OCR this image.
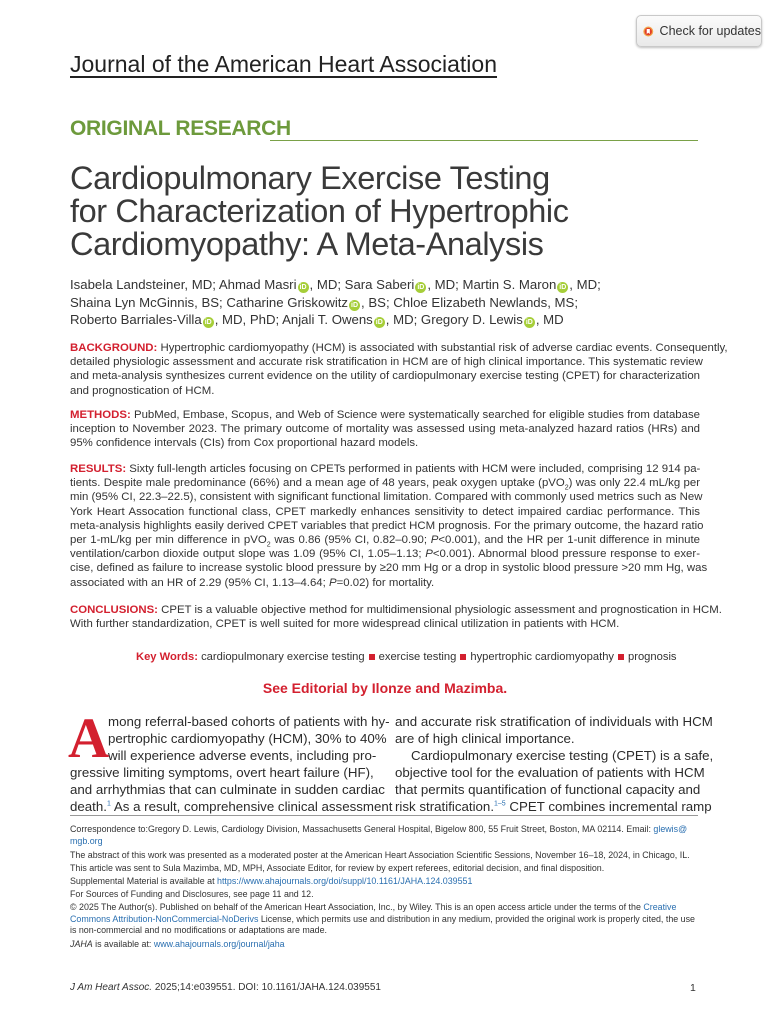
Check for updates
Journal of the American Heart Association
ORIGINAL RESEARCH
Cardiopulmonary Exercise Testing
for Characterization of Hypertrophic
Cardiomyopathy: A Meta-Analysis
Isabela Landsteiner, MD; Ahmad Masri iD , MD; Sara Saberi iD , MD; Martin S. Maron iD , MD;
Shaina Lyn McGinnis, BS; Catharine Griskowitz iD , BS; Chloe Elizabeth Newlands, MS;
Roberto Barriales-Villa iD , MD, PhD; Anjali T. Owens iD , MD; Gregory D. Lewis iD , MD
BACKGROUND: Hypertrophic cardiomyopathy (HCM) is associated with substantial risk of adverse cardiac events. Consequently,
detailed physiologic assessment and accurate risk stratification in HCM are of high clinical importance. This systematic review
and meta-analysis synthesizes current evidence on the utility of cardiopulmonary exercise testing (CPET) for characterization
and prognostication of HCM.
METHODS: PubMed, Embase, Scopus, and Web of Science were systematically searched for eligible studies from database
inception to November 2023. The primary outcome of mortality was assessed using meta-analyzed hazard ratios (HRs) and
95% confidence intervals (CIs) from Cox proportional hazard models.
RESULTS: Sixty full-length articles focusing on CPETs performed in patients with HCM were included, comprising 12 914 pa-
tients. Despite male predominance (66%) and a mean age of 48 years, peak oxygen uptake (pVO$_2$) was only 22.4 mL/kg per
min (95% CI, 22.3–22.5), consistent with significant functional limitation. Compared with commonly used metrics such as New
York Heart Assocation functional class, CPET markedly enhances sensitivity to detect impaired cardiac performance. This
meta-analysis highlights easily derived CPET variables that predict HCM prognosis. For the primary outcome, the hazard ratio
per 1-mL/kg per min difference in pVO$_2$ was 0.86 (95% CI, 0.82–0.90; P<0.001), and the HR per 1-unit difference in minute
ventilation/carbon dioxide output slope was 1.09 (95% CI, 1.05–1.13; P<0.001). Abnormal blood pressure response to exer-
cise, defined as failure to increase systolic blood pressure by ≥20 mm Hg or a drop in systolic blood pressure >20 mm Hg, was
associated with an HR of 2.29 (95% CI, 1.13–4.64; P=0.02) for mortality.
CONCLUSIONS: CPET is a valuable objective method for multidimensional physiologic assessment and prognostication in HCM.
With further standardization, CPET is well suited for more widespread clinical utilization in patients with HCM.
Key Words: cardiopulmonary exercise testing exercise testing hypertrophic cardiomyopathy prognosis
See Editorial by Ilonze and Mazimba.
A
mong referral-based cohorts of patients with hy-
pertrophic cardiomyopathy (HCM), 30% to 40%
will experience adverse events, including pro-
gressive limiting symptoms, overt heart failure (HF),
and arrhythmias that can culminate in sudden cardiac
death.$^1$ As a result, comprehensive clinical assessment
and accurate risk stratification of individuals with HCM
are of high clinical importance.
Cardiopulmonary exercise testing (CPET) is a safe,
objective tool for the evaluation of patients with HCM
that permits quantification of functional capacity and
risk stratification.$^{1-5}$ CPET combines incremental ramp
Correspondence to:Gregory D. Lewis, Cardiology Division, Massachusetts General Hospital, Bigelow 800, 55 Fruit Street, Boston, MA 02114. Email: glewis@
mgb.org
The abstract of this work was presented as a moderated poster at the American Heart Association Scientific Sessions, November 16–18, 2024, in Chicago, IL.
This article was sent to Sula Mazimba, MD, MPH, Associate Editor, for review by expert referees, editorial decision, and final disposition.
Supplemental Material is available at https://www.ahajournals.org/doi/suppl/10.1161/JAHA.124.039551
For Sources of Funding and Disclosures, see page 11 and 12.
© 2025 The Author(s). Published on behalf of the American Heart Association, Inc., by Wiley. This is an open access article under the terms of the Creative
Commons Attribution-NonCommercial-NoDerivs License, which permits use and distribution in any medium, provided the original work is properly cited, the use
is non-commercial and no modifications or adaptations are made.
JAHA is available at: www.ahajournals.org/journal/jaha
J Am Heart Assoc. 2025;14:e039551. DOI: 10.1161/JAHA.124.039551	1
